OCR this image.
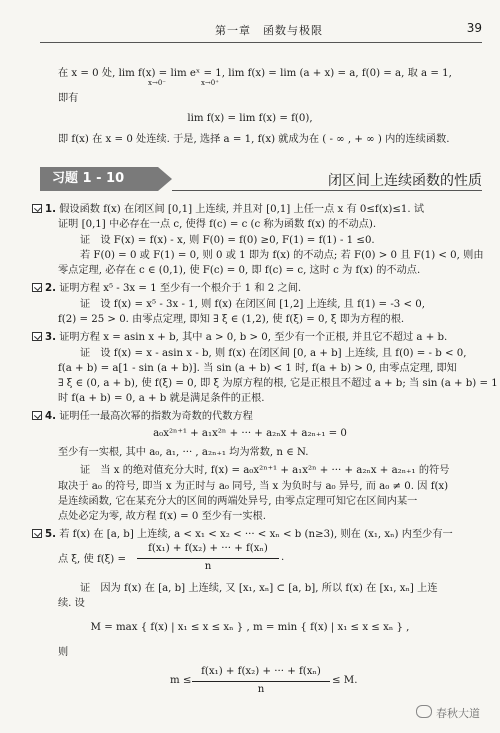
第一章　函数与极限	39
在 x = 0 处, lim f(x) = lim eˣ = 1, lim f(x) = lim (a + x) = a, f(0) = a, 取 a = 1,
x→0⁻　　　　　x→0⁺
即有
lim f(x) = lim f(x) = f(0),
即 f(x) 在 x = 0 处连续. 于是, 选择 a = 1, f(x) 就成为在 ( - ∞ , + ∞ ) 内的连续函数.
习题 1 - 10	闭区间上连续函数的性质
1. 假设函数 f(x) 在闭区间 [0,1] 上连续, 并且对 [0,1] 上任一点 x 有 0≤f(x)≤1. 试
证明 [0,1] 中必存在一点 c, 使得 f(c) = c (c 称为函数 f(x) 的不动点).
证　设 F(x) = f(x) - x, 则 F(0) = f(0) ≥0, F(1) = f(1) - 1 ≤0.
若 F(0) = 0 或 F(1) = 0, 则 0 或 1 即为 f(x) 的不动点; 若 F(0) > 0 且 F(1) < 0, 则由
零点定理, 必存在 c ∈ (0,1), 使 F(c) = 0, 即 f(c) = c, 这时 c 为 f(x) 的不动点.
2. 证明方程 x⁵ - 3x = 1 至少有一个根介于 1 和 2 之间.
证　设 f(x) = x⁵ - 3x - 1, 则 f(x) 在闭区间 [1,2] 上连续, 且 f(1) = -3 < 0,
f(2) = 25 > 0. 由零点定理, 即知 ∃ ξ ∈ (1,2), 使 f(ξ) = 0, ξ 即为方程的根.
3. 证明方程 x = asin x + b, 其中 a > 0, b > 0, 至少有一个正根, 并且它不超过 a + b.
证　设 f(x) = x - asin x - b, 则 f(x) 在闭区间 [0, a + b] 上连续, 且 f(0) = - b < 0,
f(a + b) = a[1 - sin (a + b)]. 当 sin (a + b) < 1 时, f(a + b) > 0, 由零点定理, 即知
∃ ξ ∈ (0, a + b), 使 f(ξ) = 0, 即 ξ 为原方程的根, 它是正根且不超过 a + b; 当 sin (a + b) = 1
时 f(a + b) = 0, a + b 就是满足条件的正根.
4. 证明任一最高次幂的指数为奇数的代数方程
a₀x²ⁿ⁺¹ + a₁x²ⁿ + ··· + a₂ₙx + a₂ₙ₊₁ = 0
至少有一实根, 其中 a₀, a₁, ··· , a₂ₙ₊₁ 均为常数, n ∈ N.
证　当 x 的绝对值充分大时, f(x) = a₀x²ⁿ⁺¹ + a₁x²ⁿ + ··· + a₂ₙx + a₂ₙ₊₁ 的符号
取决于 a₀ 的符号, 即当 x 为正时与 a₀ 同号, 当 x 为负时与 a₀ 异号, 而 a₀ ≠ 0. 因 f(x)
是连续函数, 它在某充分大的区间的两端处异号, 由零点定理可知它在区间内某一
点处必定为零, 故方程 f(x) = 0 至少有一实根.
5. 若 f(x) 在 [a, b] 上连续, a < x₁ < x₂ < ··· < xₙ < b (n≥3), 则在 (x₁, xₙ) 内至少有一
点 ξ, 使 f(ξ) =
f(x₁) + f(x₂) + ··· + f(xₙ)
n
.
证　因为 f(x) 在 [a, b] 上连续, 又 [x₁, xₙ] ⊂ [a, b], 所以 f(x) 在 [x₁, xₙ] 上连
续. 设
M = max { f(x) | x₁ ≤ x ≤ xₙ } , m = min { f(x) | x₁ ≤ x ≤ xₙ } ,
则
m ≤
f(x₁) + f(x₂) + ··· + f(xₙ)
n
≤ M.
春秋大道
